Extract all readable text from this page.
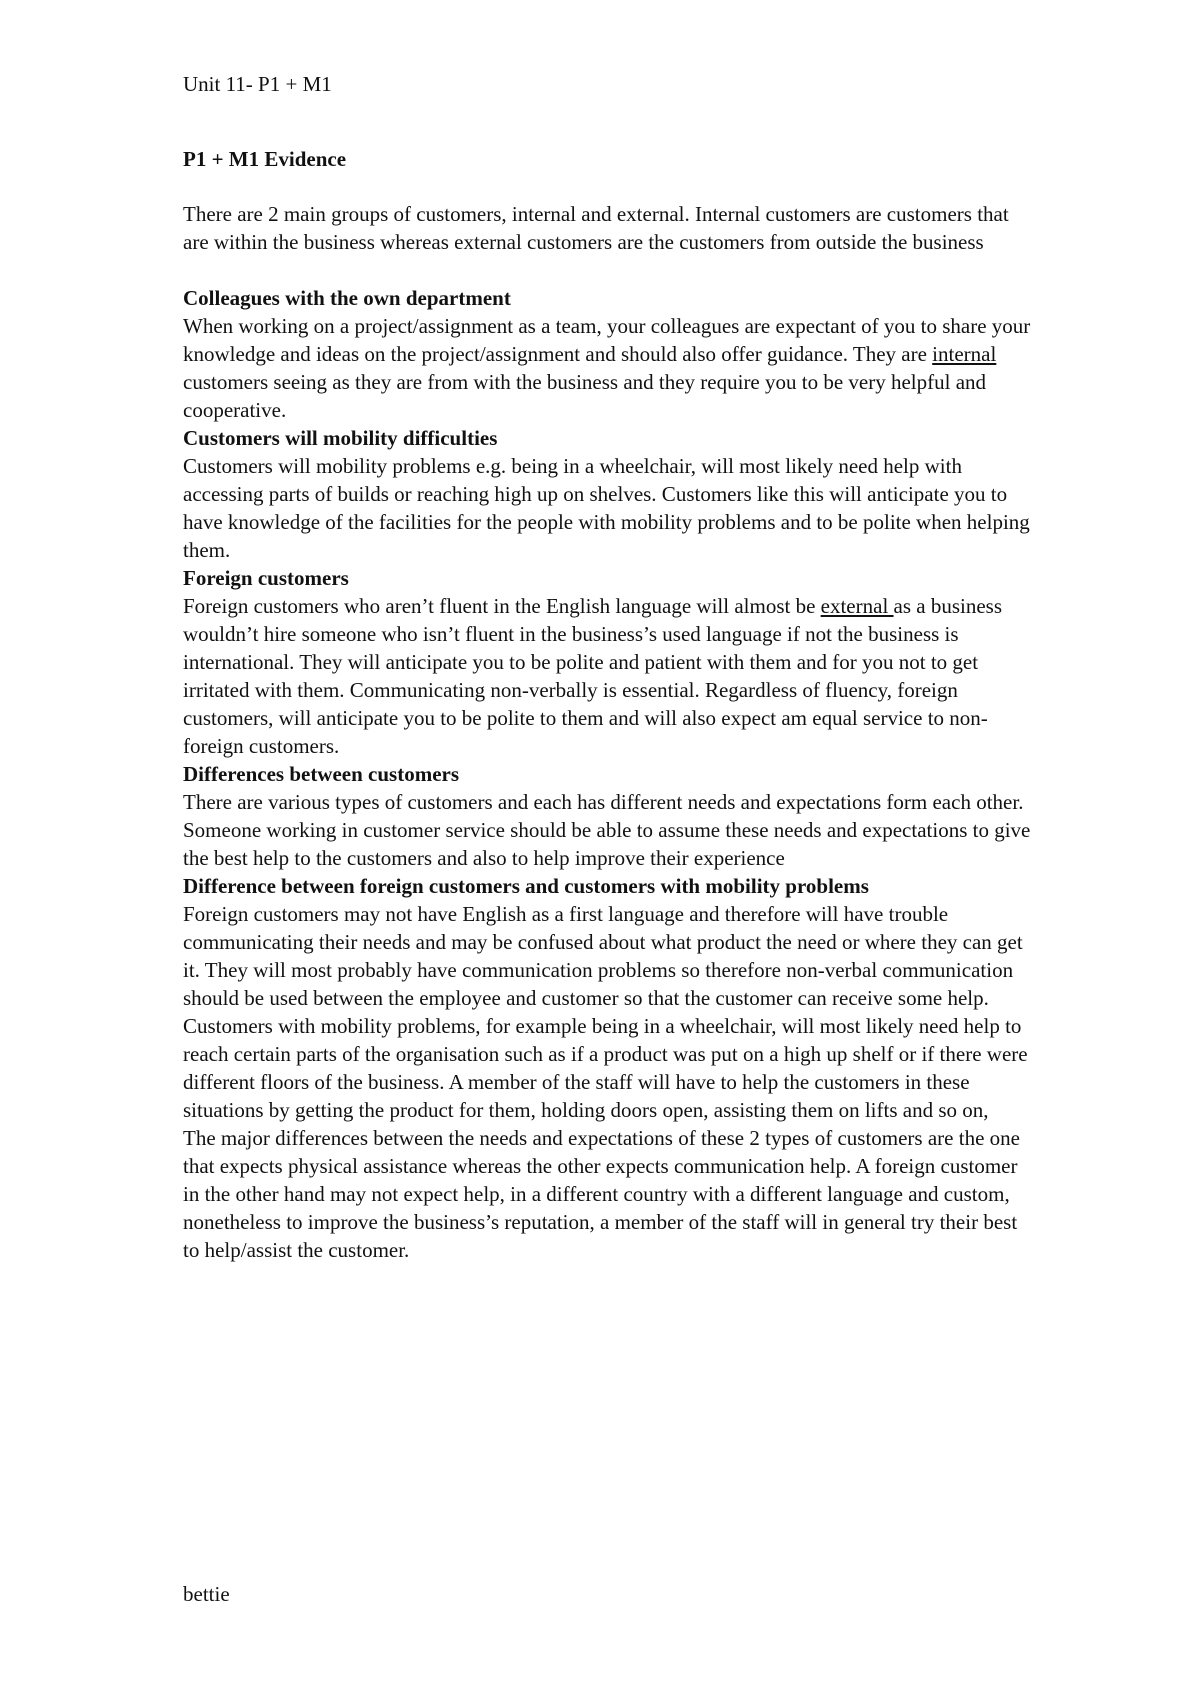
Unit 11- P1 + M1

P1 + M1 Evidence

There are 2 main groups of customers, internal and external. Internal customers are customers that are within the business whereas external customers are the customers from outside the business

Colleagues with the own department

When working on a project/assignment as a team, your colleagues are expectant of you to share your knowledge and ideas on the project/assignment and should also offer guidance. They are internal customers seeing as they are from with the business and they require you to be very helpful and cooperative.

Customers will mobility difficulties

Customers will mobility problems e.g. being in a wheelchair, will most likely need help with accessing parts of builds or reaching high up on shelves. Customers like this will anticipate you to have knowledge of the facilities for the people with mobility problems and to be polite when helping them.

Foreign customers

Foreign customers who aren’t fluent in the English language will almost be external as a business wouldn’t hire someone who isn’t fluent in the business’s used language if not the business is international. They will anticipate you to be polite and patient with them and for you not to get irritated with them. Communicating non-verbally is essential. Regardless of fluency, foreign customers, will anticipate you to be polite to them and will also expect am equal service to non-foreign customers.

Differences between customers

There are various types of customers and each has different needs and expectations form each other. Someone working in customer service should be able to assume these needs and expectations to give the best help to the customers and also to help improve their experience

Difference between foreign customers and customers with mobility problems

Foreign customers may not have English as a first language and therefore will have trouble communicating their needs and may be confused about what product the need or where they can get it. They will most probably have communication problems so therefore non-verbal communication should be used between the employee and customer so that the customer can receive some help.

Customers with mobility problems, for example being in a wheelchair, will most likely need help to reach certain parts of the organisation such as if a product was put on a high up shelf or if there were different floors of the business. A member of the staff will have to help the customers in these situations by getting the product for them, holding doors open, assisting them on lifts and so on,

The major differences between the needs and expectations of these 2 types of customers are the one that expects physical assistance whereas the other expects communication help. A foreign customer in the other hand may not expect help, in a different country with a different language and custom, nonetheless to improve the business’s reputation, a member of the staff will in general try their best to help/assist the customer.

bettie
